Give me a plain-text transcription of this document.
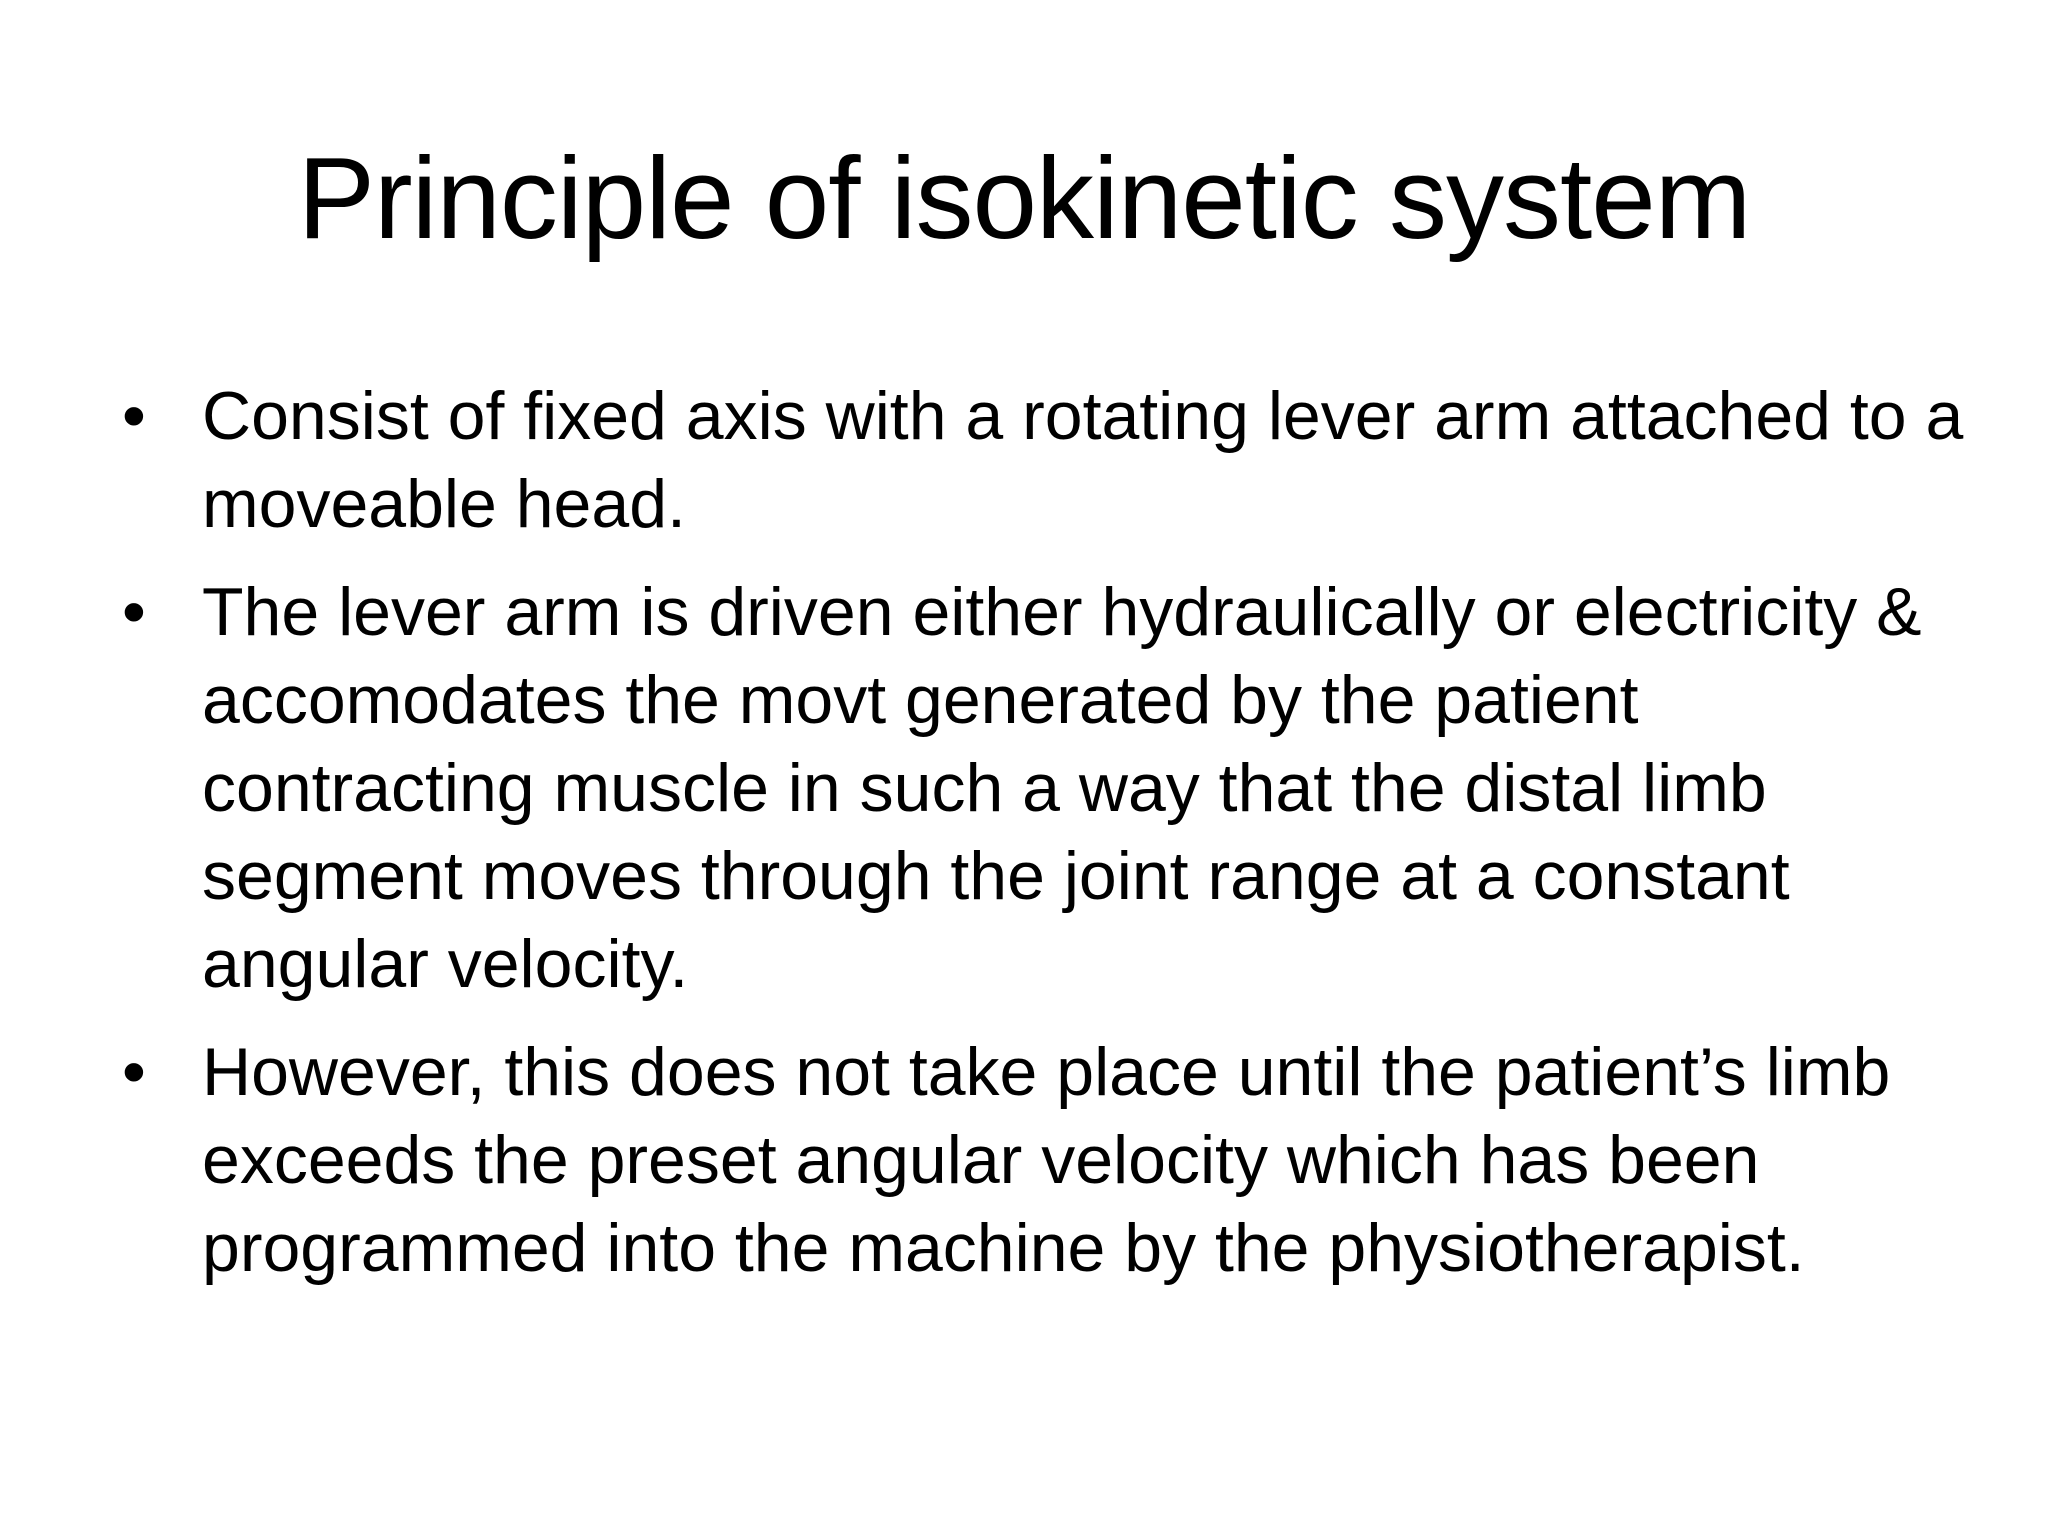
Principle of isokinetic system
• Consist of fixed axis with a rotating lever arm attached to a moveable head.
• The lever arm is driven either hydraulically or electricity & accomodates the movt generated by the patient contracting muscle in such a way that the distal limb segment moves through the joint range at a constant angular velocity.
• However, this does not take place until the patient’s limb exceeds the preset angular velocity which has been programmed into the machine by the physiotherapist.
